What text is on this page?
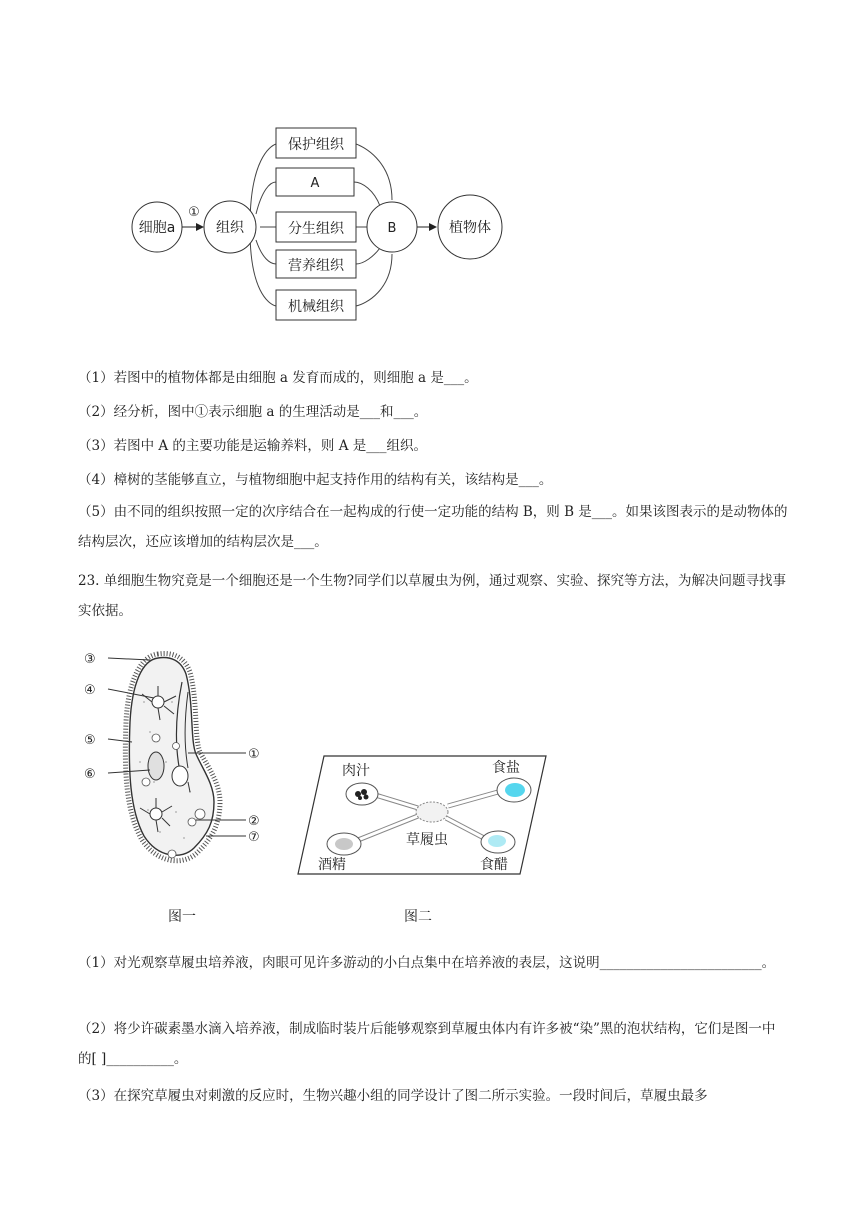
细胞a
①
组织
保护组织
A
分生组织
营养组织
机械组织
B	植物体
（1）若图中的植物体都是由细胞 a 发育而成的，则细胞 a 是___。
（2）经分析，图中①表示细胞 a 的生理活动是___和___。
（3）若图中 A 的主要功能是运输养料，则 A 是___组织。
（4）樟树的茎能够直立，与植物细胞中起支持作用的结构有关，该结构是___。
（5）由不同的组织按照一定的次序结合在一起构成的行使一定功能的结构 B，则 B 是___。如果该图表示的是动物体的结构层次，还应该增加的结构层次是___。
23. 单细胞生物究竟是一个细胞还是一个生物?同学们以草履虫为例，通过观察、实验、探究等方法，为解决问题寻找事实依据。
③
④
⑤
⑥
①
②
⑦
肉汁	食盐
草履虫
酒精	食醋
图一	图二
（1）对光观察草履虫培养液，肉眼可见许多游动的小白点集中在培养液的表层，这说明________________________。
（2）将少许碳素墨水滴入培养液，制成临时装片后能够观察到草履虫体内有许多被“染”黑的泡状结构，它们是图一中的[ ]__________。
（3）在探究草履虫对刺激的反应时，生物兴趣小组的同学设计了图二所示实验。一段时间后，草履虫最多
